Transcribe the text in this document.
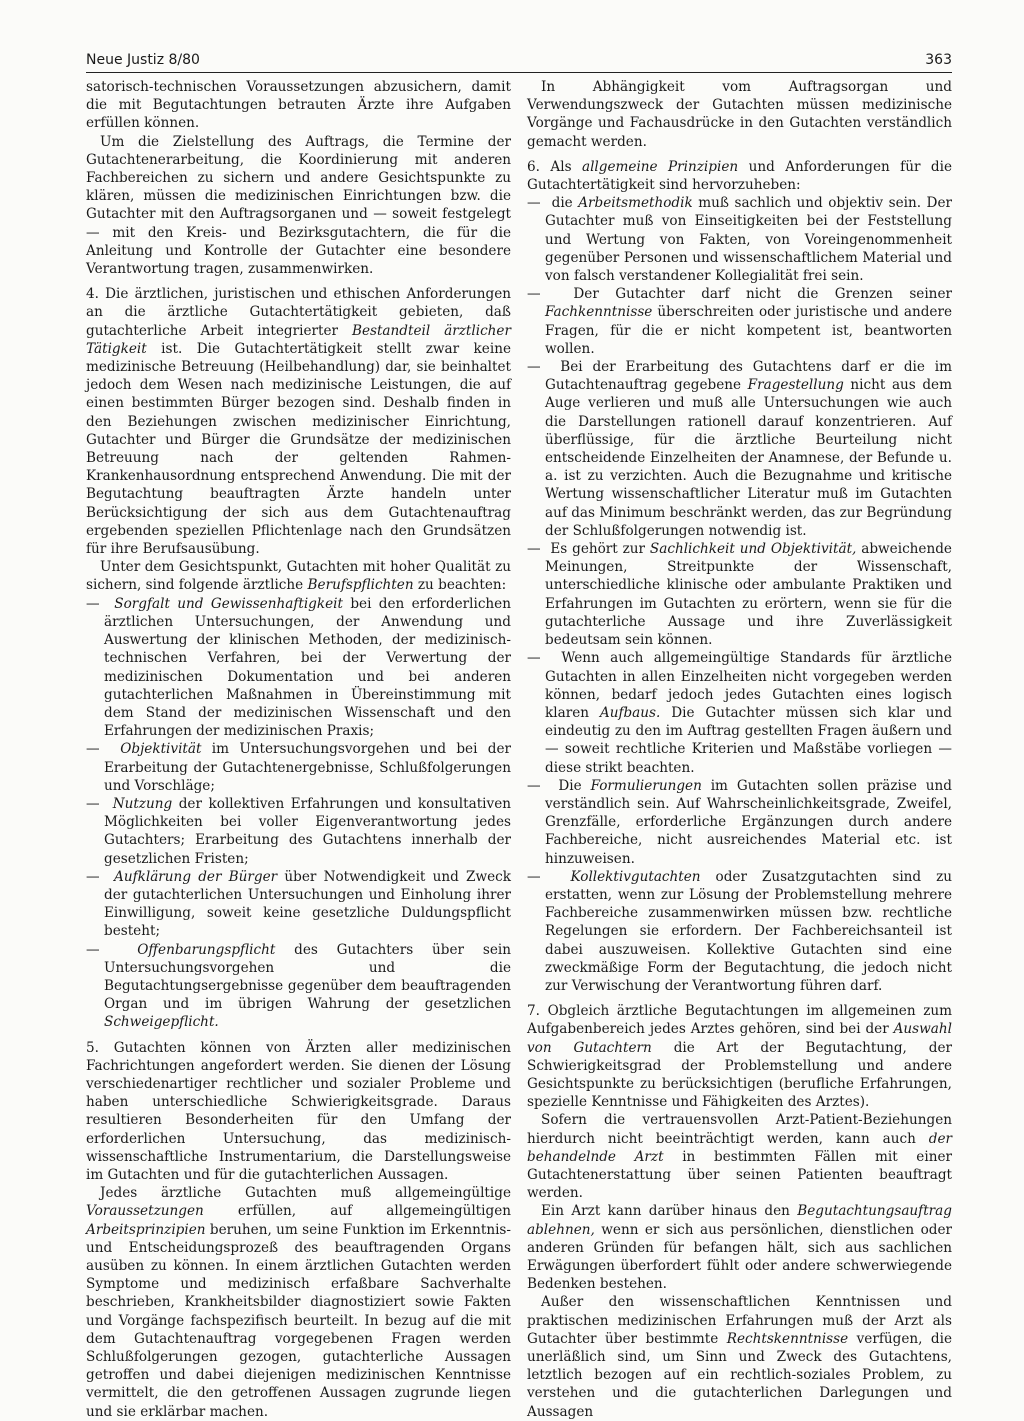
Neue Justiz 8/80	363

satorisch-technischen Voraussetzungen abzusichern, damit die mit Begutachtungen betrauten Ärzte ihre Aufgaben erfüllen können.

Um die Zielstellung des Auftrags, die Termine der Gutachtenerarbeitung, die Koordinierung mit anderen Fachbereichen zu sichern und andere Gesichtspunkte zu klären, müssen die medizinischen Einrichtungen bzw. die Gutachter mit den Auftragsorganen und — soweit festgelegt — mit den Kreis- und Bezirksgutachtern, die für die Anleitung und Kontrolle der Gutachter eine besondere Verantwortung tragen, zusammenwirken.

4. Die ärztlichen, juristischen und ethischen Anforderungen an die ärztliche Gutachtertätigkeit gebieten, daß gutachterliche Arbeit integrierter Bestandteil ärztlicher Tätigkeit ist. Die Gutachtertätigkeit stellt zwar keine medizinische Betreuung (Heilbehandlung) dar, sie beinhaltet jedoch dem Wesen nach medizinische Leistungen, die auf einen bestimmten Bürger bezogen sind. Deshalb finden in den Beziehungen zwischen medizinischer Einrichtung, Gutachter und Bürger die Grundsätze der medizinischen Betreuung nach der geltenden Rahmen-Krankenhausordnung entsprechend Anwendung. Die mit der Begutachtung beauftragten Ärzte handeln unter Berücksichtigung der sich aus dem Gutachtenauftrag ergebenden speziellen Pflichtenlage nach den Grundsätzen für ihre Berufsausübung.

Unter dem Gesichtspunkt, Gutachten mit hoher Qualität zu sichern, sind folgende ärztliche Berufspflichten zu beachten:

—  Sorgfalt und Gewissenhaftigkeit bei den erforderlichen ärztlichen Untersuchungen, der Anwendung und Auswertung der klinischen Methoden, der medizinisch-technischen Verfahren, bei der Verwertung der medizinischen Dokumentation und bei anderen gutachterlichen Maßnahmen in Übereinstimmung mit dem Stand der medizinischen Wissenschaft und den Erfahrungen der medizinischen Praxis;

—  Objektivität im Untersuchungsvorgehen und bei der Erarbeitung der Gutachtenergebnisse, Schlußfolgerungen und Vorschläge;

—  Nutzung der kollektiven Erfahrungen und konsultativen Möglichkeiten bei voller Eigenverantwortung jedes Gutachters; Erarbeitung des Gutachtens innerhalb der gesetzlichen Fristen;

—  Aufklärung der Bürger über Notwendigkeit und Zweck der gutachterlichen Untersuchungen und Einholung ihrer Einwilligung, soweit keine gesetzliche Duldungspflicht besteht;

—  Offenbarungspflicht des Gutachters über sein Untersuchungsvorgehen und die Begutachtungsergebnisse gegenüber dem beauftragenden Organ und im übrigen Wahrung der gesetzlichen Schweigepflicht.

5. Gutachten können von Ärzten aller medizinischen Fachrichtungen angefordert werden. Sie dienen der Lösung verschiedenartiger rechtlicher und sozialer Probleme und haben unterschiedliche Schwierigkeitsgrade. Daraus resultieren Besonderheiten für den Umfang der erforderlichen Untersuchung, das medizinisch-wissenschaftliche Instrumentarium, die Darstellungsweise im Gutachten und für die gutachterlichen Aussagen.

Jedes ärztliche Gutachten muß allgemeingültige Voraussetzungen erfüllen, auf allgemeingültigen Arbeitsprinzipien beruhen, um seine Funktion im Erkenntnis- und Entscheidungsprozeß des beauftragenden Organs ausüben zu können. In einem ärztlichen Gutachten werden Symptome und medizinisch erfaßbare Sachverhalte beschrieben, Krankheitsbilder diagnostiziert sowie Fakten und Vorgänge fachspezifisch beurteilt. In bezug auf die mit dem Gutachtenauftrag vorgegebenen Fragen werden Schlußfolgerungen gezogen, gutachterliche Aussagen getroffen und dabei diejenigen medizinischen Kenntnisse vermittelt, die den getroffenen Aussagen zugrunde liegen und sie erklärbar machen.

In Abhängigkeit vom Auftragsorgan und Verwendungszweck der Gutachten müssen medizinische Vorgänge und Fachausdrücke in den Gutachten verständlich gemacht werden.

6. Als allgemeine Prinzipien und Anforderungen für die Gutachtertätigkeit sind hervorzuheben:

—  die Arbeitsmethodik muß sachlich und objektiv sein. Der Gutachter muß von Einseitigkeiten bei der Feststellung und Wertung von Fakten, von Voreingenommenheit gegenüber Personen und wissenschaftlichem Material und von falsch verstandener Kollegialität frei sein.

—  Der Gutachter darf nicht die Grenzen seiner Fachkenntnisse überschreiten oder juristische und andere Fragen, für die er nicht kompetent ist, beantworten wollen.

—  Bei der Erarbeitung des Gutachtens darf er die im Gutachtenauftrag gegebene Fragestellung nicht aus dem Auge verlieren und muß alle Untersuchungen wie auch die Darstellungen rationell darauf konzentrieren. Auf überflüssige, für die ärztliche Beurteilung nicht entscheidende Einzelheiten der Anamnese, der Befunde u. a. ist zu verzichten. Auch die Bezugnahme und kritische Wertung wissenschaftlicher Literatur muß im Gutachten auf das Minimum beschränkt werden, das zur Begründung der Schlußfolgerungen notwendig ist.

—  Es gehört zur Sachlichkeit und Objektivität, abweichende Meinungen, Streitpunkte der Wissenschaft, unterschiedliche klinische oder ambulante Praktiken und Erfahrungen im Gutachten zu erörtern, wenn sie für die gutachterliche Aussage und ihre Zuverlässigkeit bedeutsam sein können.

—  Wenn auch allgemeingültige Standards für ärztliche Gutachten in allen Einzelheiten nicht vorgegeben werden können, bedarf jedoch jedes Gutachten eines logisch klaren Aufbaus. Die Gutachter müssen sich klar und eindeutig zu den im Auftrag gestellten Fragen äußern und — soweit rechtliche Kriterien und Maßstäbe vorliegen — diese strikt beachten.

—  Die Formulierungen im Gutachten sollen präzise und verständlich sein. Auf Wahrscheinlichkeitsgrade, Zweifel, Grenzfälle, erforderliche Ergänzungen durch andere Fachbereiche, nicht ausreichendes Material etc. ist hinzuweisen.

—  Kollektivgutachten oder Zusatzgutachten sind zu erstatten, wenn zur Lösung der Problemstellung mehrere Fachbereiche zusammenwirken müssen bzw. rechtliche Regelungen sie erfordern. Der Fachbereichsanteil ist dabei auszuweisen. Kollektive Gutachten sind eine zweckmäßige Form der Begutachtung, die jedoch nicht zur Verwischung der Verantwortung führen darf.

7. Obgleich ärztliche Begutachtungen im allgemeinen zum Aufgabenbereich jedes Arztes gehören, sind bei der Auswahl von Gutachtern die Art der Begutachtung, der Schwierigkeitsgrad der Problemstellung und andere Gesichtspunkte zu berücksichtigen (berufliche Erfahrungen, spezielle Kenntnisse und Fähigkeiten des Arztes).

Sofern die vertrauensvollen Arzt-Patient-Beziehungen hierdurch nicht beeinträchtigt werden, kann auch der behandelnde Arzt in bestimmten Fällen mit einer Gutachtenerstattung über seinen Patienten beauftragt werden.

Ein Arzt kann darüber hinaus den Begutachtungsauftrag ablehnen, wenn er sich aus persönlichen, dienstlichen oder anderen Gründen für befangen hält, sich aus sachlichen Erwägungen überfordert fühlt oder andere schwerwiegende Bedenken bestehen.

Außer den wissenschaftlichen Kenntnissen und praktischen medizinischen Erfahrungen muß der Arzt als Gutachter über bestimmte Rechtskenntnisse verfügen, die unerläßlich sind, um Sinn und Zweck des Gutachtens, letztlich bezogen auf ein rechtlich-soziales Problem, zu verstehen und die gutachterlichen Darlegungen und Aussagen
